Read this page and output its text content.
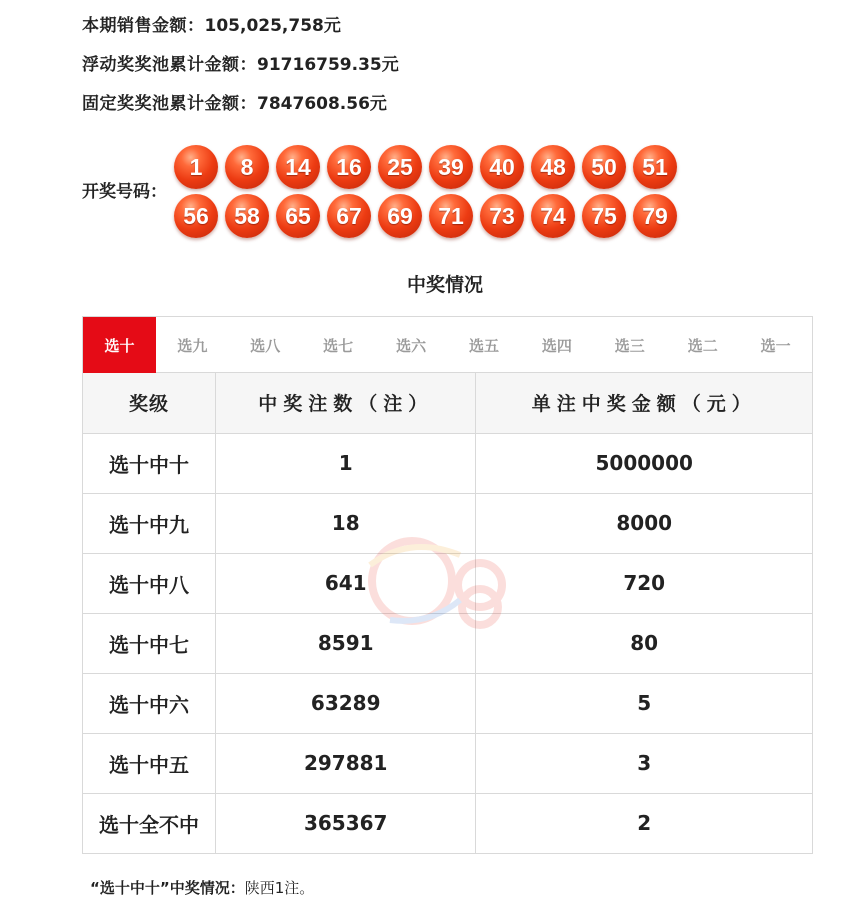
本期销售金额：105,025,758元
浮动奖奖池累计金额：91716759.35元
固定奖奖池累计金额：7847608.56元
开奖号码：
1	8	14	16	25	39	40	48	50	51
56	58	65	67	69	71	73	74	75	79
中奖情况
选十	选九	选八	选七	选六	选五	选四	选三	选二	选一
奖级	中奖注数（注）	单注中奖金额（元）
选十中十	1	5000000
选十中九	18	8000
选十中八	641	720
选十中七	8591	80
选十中六	63289	5
选十中五	297881	3
选十全不中	365367	2
“选十中十”中奖情况：陕西1注。
